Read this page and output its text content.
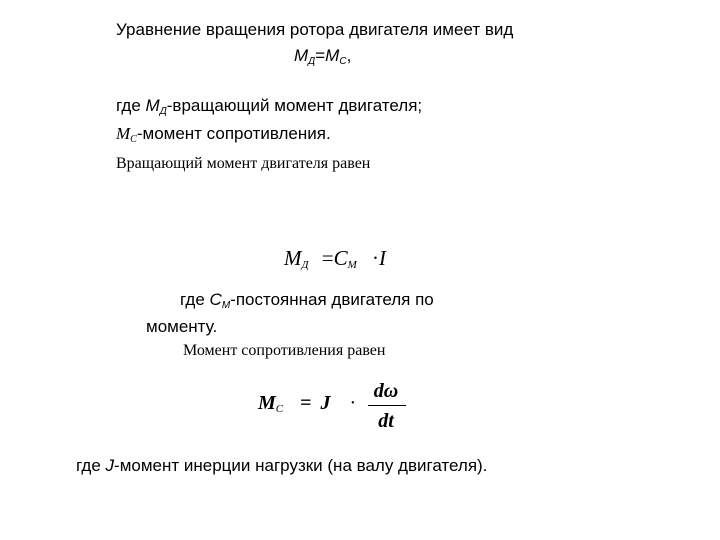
Уравнение вращения ротора двигателя имеет вид
$M_Д=M_C$,
где $M_Д$-вращающий момент двигателя;
$M_C$-момент сопротивления.
Вращающий момент двигателя равен
$M_Д =C_M \cdot I$
где $C_M$-постоянная двигателя по
моменту.
Момент сопротивления равен
$M_C = J$ ·
dω
dt
где J-момент инерции нагрузки (на валу двигателя).
